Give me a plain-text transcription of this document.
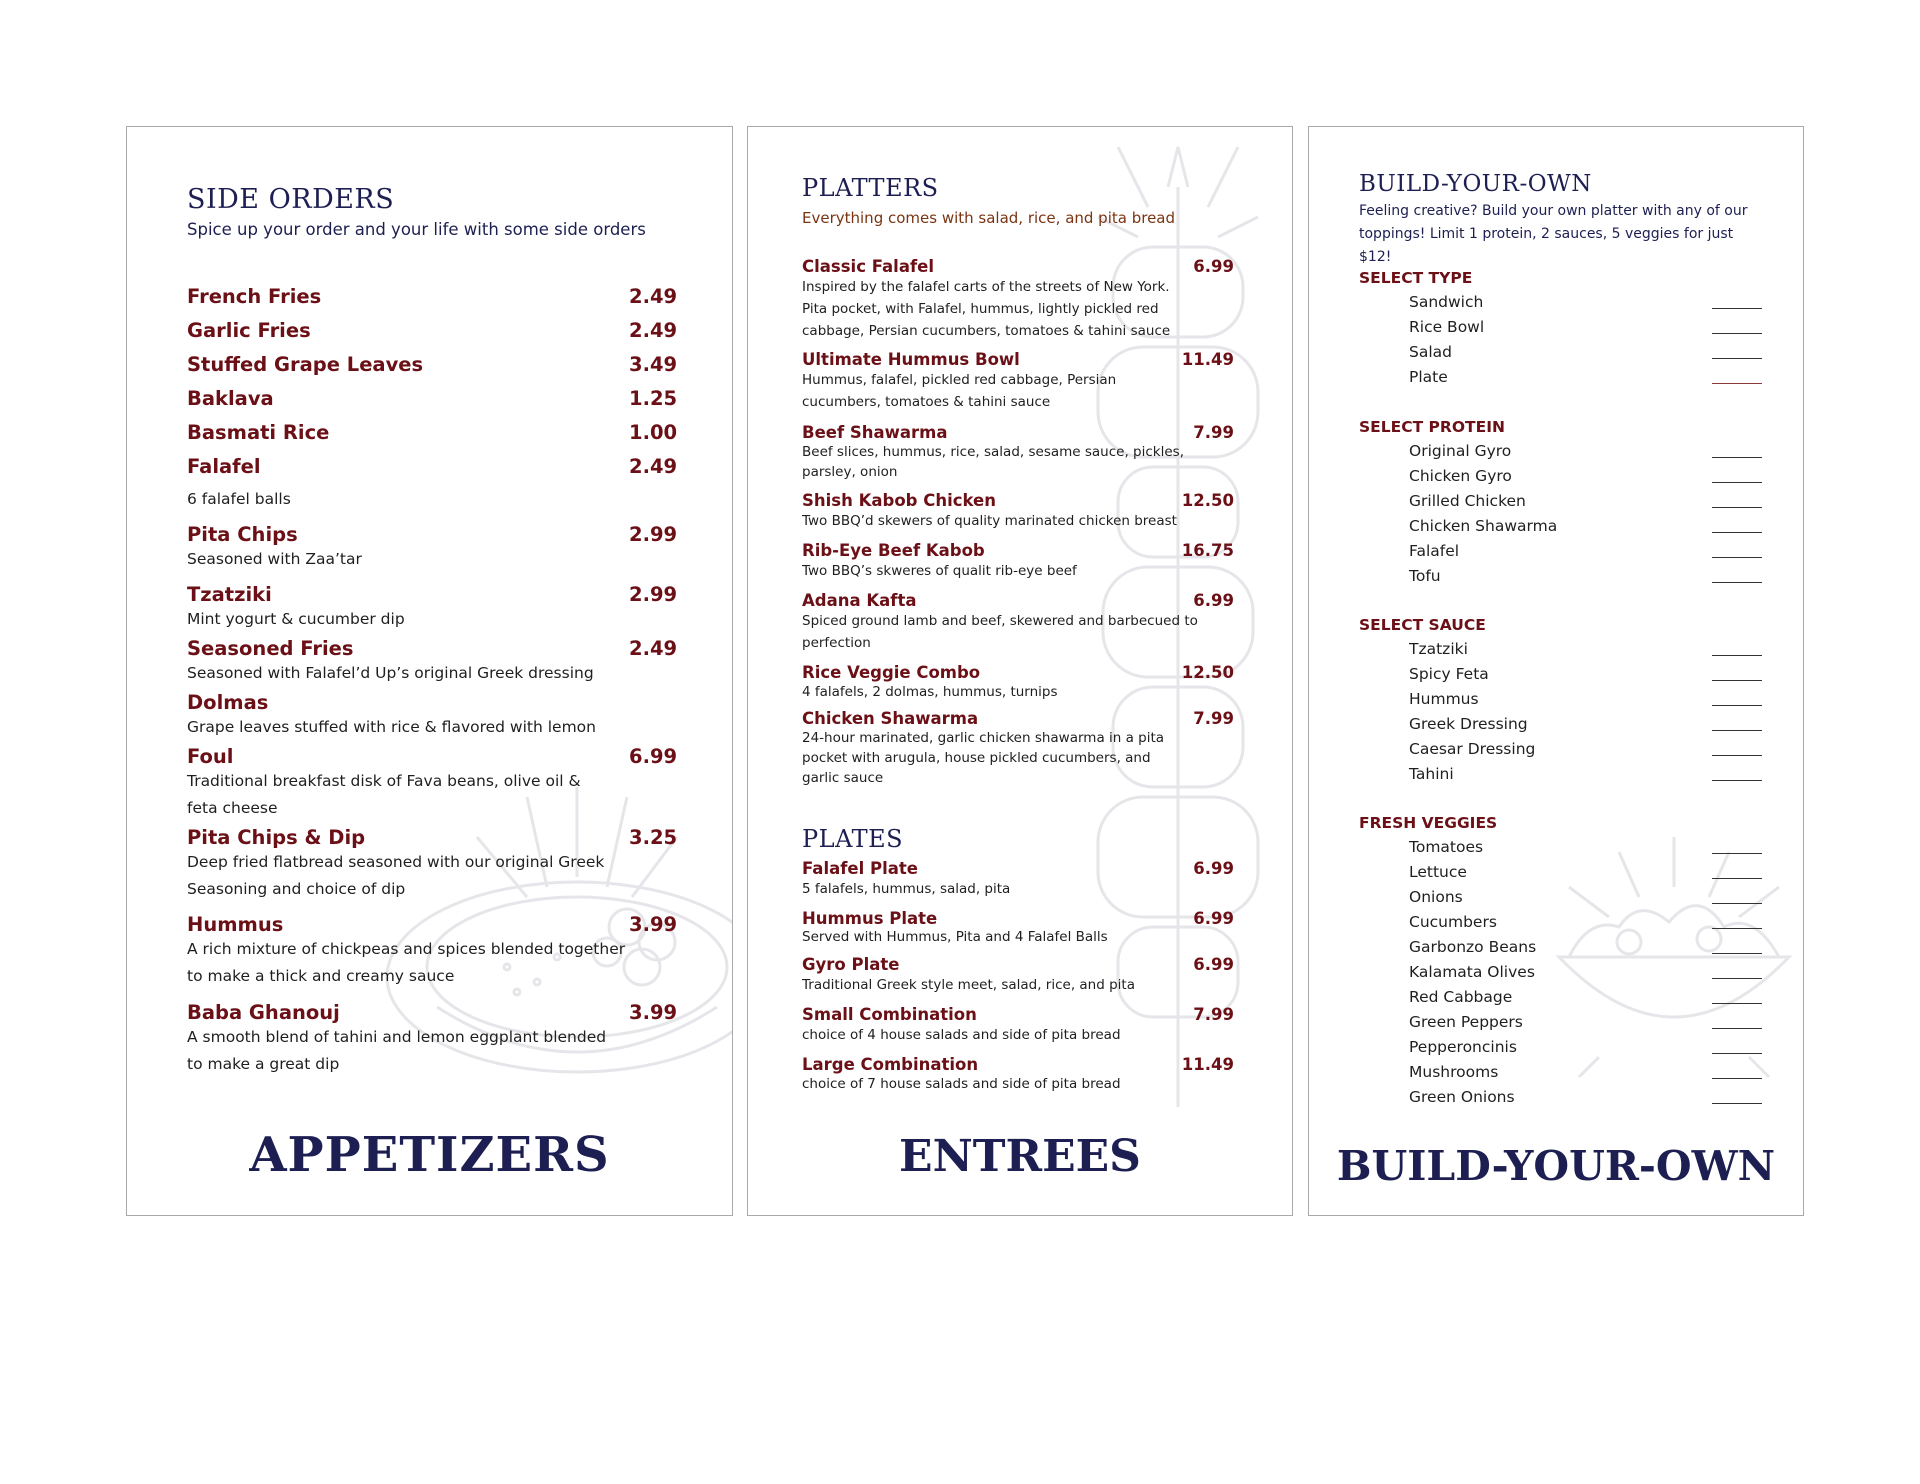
SIDE ORDERS
Spice up your order and your life with some side orders
French Fries	2.49
Garlic Fries	2.49
Stuffed Grape Leaves	3.49
Baklava	1.25
Basmati Rice	1.00
Falafel	2.49
6 falafel balls
Pita Chips	2.99
Seasoned with Zaa’tar
Tzatziki	2.99
Mint yogurt & cucumber dip
Seasoned Fries	2.49
Seasoned with Falafel’d Up’s original Greek dressing
Dolmas
Grape leaves stuffed with rice & flavored with lemon
Foul	6.99
Traditional breakfast disk of Fava beans, olive oil & feta cheese
Pita Chips & Dip	3.25
Deep fried flatbread seasoned with our original Greek Seasoning and choice of dip
Hummus	3.99
A rich mixture of chickpeas and spices blended together to make a thick and creamy sauce
Baba Ghanouj	3.99
A smooth blend of tahini and lemon eggplant blended to make a great dip
APPETIZERS
PLATTERS
Everything comes with salad, rice, and pita bread
Classic Falafel	6.99
Inspired by the falafel carts of the streets of New York. Pita pocket, with Falafel, hummus, lightly pickled red cabbage, Persian cucumbers, tomatoes & tahini sauce
Ultimate Hummus Bowl	11.49
Hummus, falafel, pickled red cabbage, Persian cucumbers, tomatoes & tahini sauce
Beef Shawarma	7.99
Beef slices, hummus, rice, salad, sesame sauce, pickles, parsley, onion
Shish Kabob Chicken	12.50
Two BBQ’d skewers of quality marinated chicken breast
Rib-Eye Beef Kabob	16.75
Two BBQ’s skweres of qualit rib-eye beef
Adana Kafta	6.99
Spiced ground lamb and beef, skewered and barbecued to perfection
Rice Veggie Combo	12.50
4 falafels, 2 dolmas, hummus, turnips
Chicken Shawarma	7.99
24-hour marinated, garlic chicken shawarma in a pita pocket with arugula, house pickled cucumbers, and garlic sauce
PLATES
Falafel Plate	6.99
5 falafels, hummus, salad, pita
Hummus Plate	6.99
Served with Hummus, Pita and 4 Falafel Balls
Gyro Plate	6.99
Traditional Greek style meet, salad, rice, and pita
Small Combination	7.99
choice of 4 house salads and side of pita bread
Large Combination	11.49
choice of 7 house salads and side of pita bread
ENTREES
BUILD-YOUR-OWN
Feeling creative? Build your own platter with any of our toppings! Limit 1 protein, 2 sauces, 5 veggies for just $12!
SELECT TYPE
Sandwich
Rice Bowl
Salad
Plate
SELECT PROTEIN
Original Gyro
Chicken Gyro
Grilled Chicken
Chicken Shawarma
Falafel
Tofu
SELECT SAUCE
Tzatziki
Spicy Feta
Hummus
Greek Dressing
Caesar Dressing
Tahini
FRESH VEGGIES
Tomatoes
Lettuce
Onions
Cucumbers
Garbonzo Beans
Kalamata Olives
Red Cabbage
Green Peppers
Pepperoncinis
Mushrooms
Green Onions
BUILD-YOUR-OWN
